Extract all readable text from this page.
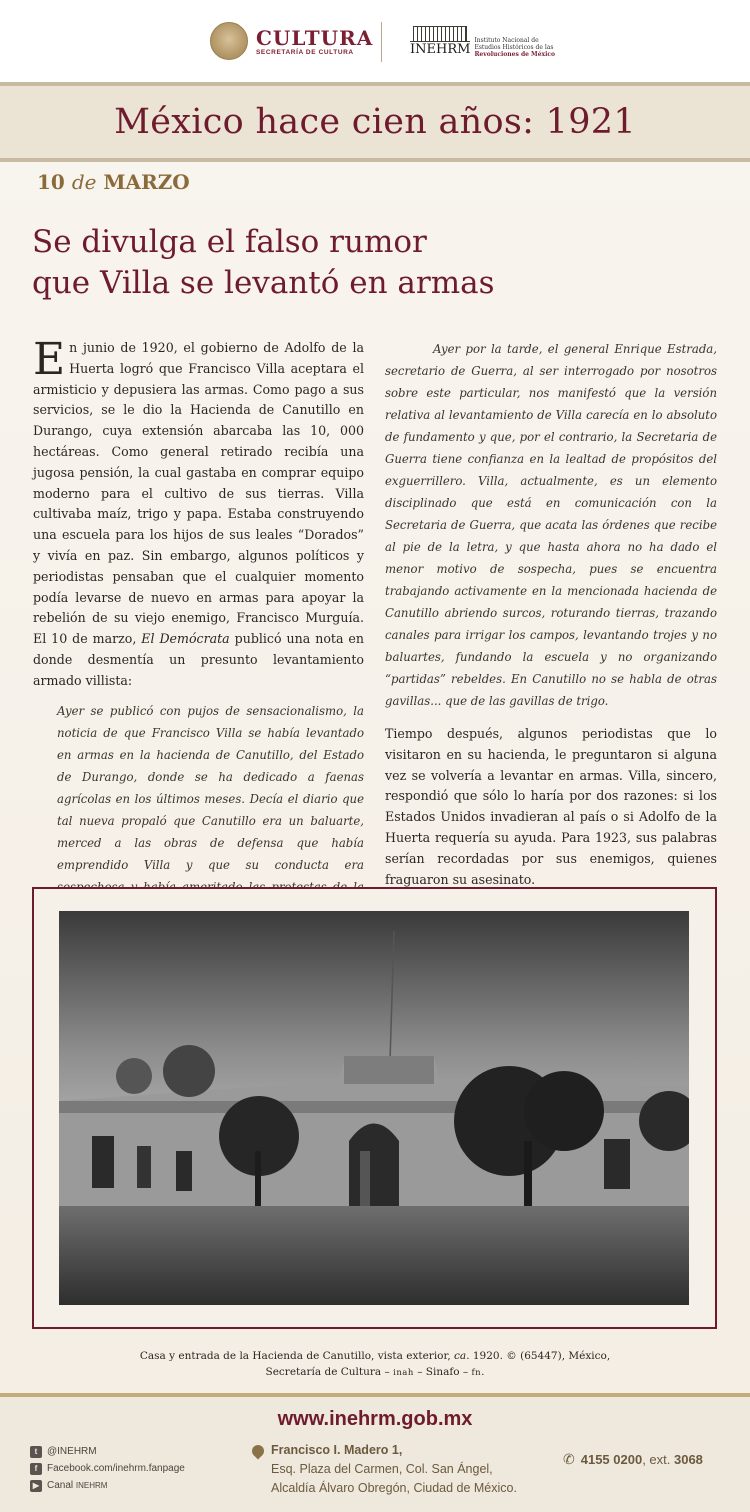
CULTURA
SECRETARÍA DE CULTURA	INEHRM
Instituto Nacional de
Estudios Históricos de las
Revoluciones de México
México hace cien años: 1921
10 de MARZO
Se divulga el falso rumor
que Villa se levantó en armas

En junio de 1920, el gobierno de Adolfo de la Huerta logró que Francisco Villa aceptara el armisticio y depusiera las armas. Como pago a sus servicios, se le dio la Hacienda de Canutillo en Durango, cuya extensión abarcaba las 10, 000 hectáreas. Como general retirado recibía una jugosa pensión, la cual gastaba en comprar equipo moderno para el cultivo de sus tierras. Villa cultivaba maíz, trigo y papa. Estaba construyendo una escuela para los hijos de sus leales “Dorados” y vivía en paz. Sin embargo, algunos políticos y periodistas pensaban que el cualquier momento podía levarse de nuevo en armas para apoyar la rebelión de su viejo enemigo, Francisco Murguía. El 10 de marzo, El Demócrata publicó una nota en donde desmentía un presunto levantamiento armado villista:

Ayer se publicó con pujos de sensacionalismo, la noticia de que Francisco Villa se había levantado en armas en la hacienda de Canutillo, del Estado de Durango, donde se ha dedicado a faenas agrícolas en los últimos meses. Decía el diario que tal nueva propaló que Canutillo era un baluarte, merced a las obras de defensa que había emprendido Villa y que su conducta era

Ayer por la tarde, el general Enrique Estrada, secretario de Guerra, al ser interrogado por nosotros sobre este particular, nos manifestó que la versión relativa al levantamiento de Villa carecía en lo absoluto de fundamento y que, por el contrario, la Secretaria de Guerra tiene confianza en la lealtad de propósitos del exguerrillero. Villa, actualmente, es un elemento disciplinado que está en comunicación con la Secretaria de Guerra, que acata las órdenes que recibe al pie de la letra, y que hasta ahora no ha dado el menor motivo de sospecha, pues se encuentra trabajando activamente en la mencionada hacienda de Canutillo abriendo surcos, roturando tierras, trazando canales para irrigar los campos, levantando trojes y no baluartes, fundando la escuela y no organizando “partidas” rebeldes. En Canutillo no se habla de otras gavillas... que de las gavillas de trigo.

Tiempo después, algunos periodistas que lo visitaron en su hacienda, le preguntaron si alguna vez se volvería a levantar en armas. Villa, sincero, respondió que sólo lo haría por dos razones: si los Estados Unidos invadieran al país o si Adolfo de la Huerta requería su ayuda. Para 1923, sus palabras serían recordadas por sus enemigos, quienes fraguaron su asesinato.

Casa y entrada de la Hacienda de Canutillo, vista exterior, ca. 1920. © (65447), México,
Secretaría de Cultura – inah – Sinafo – fn.
www.inehrm.gob.mx
t @INEHRM
f Facebook.com/inehrm.fanpage
▶ Canal INEHRM
Francisco I. Madero 1,
Esq. Plaza del Carmen, Col. San Ángel,
Alcaldía Álvaro Obregón, Ciudad de México.
✆ 4155 0200, ext. 3068
